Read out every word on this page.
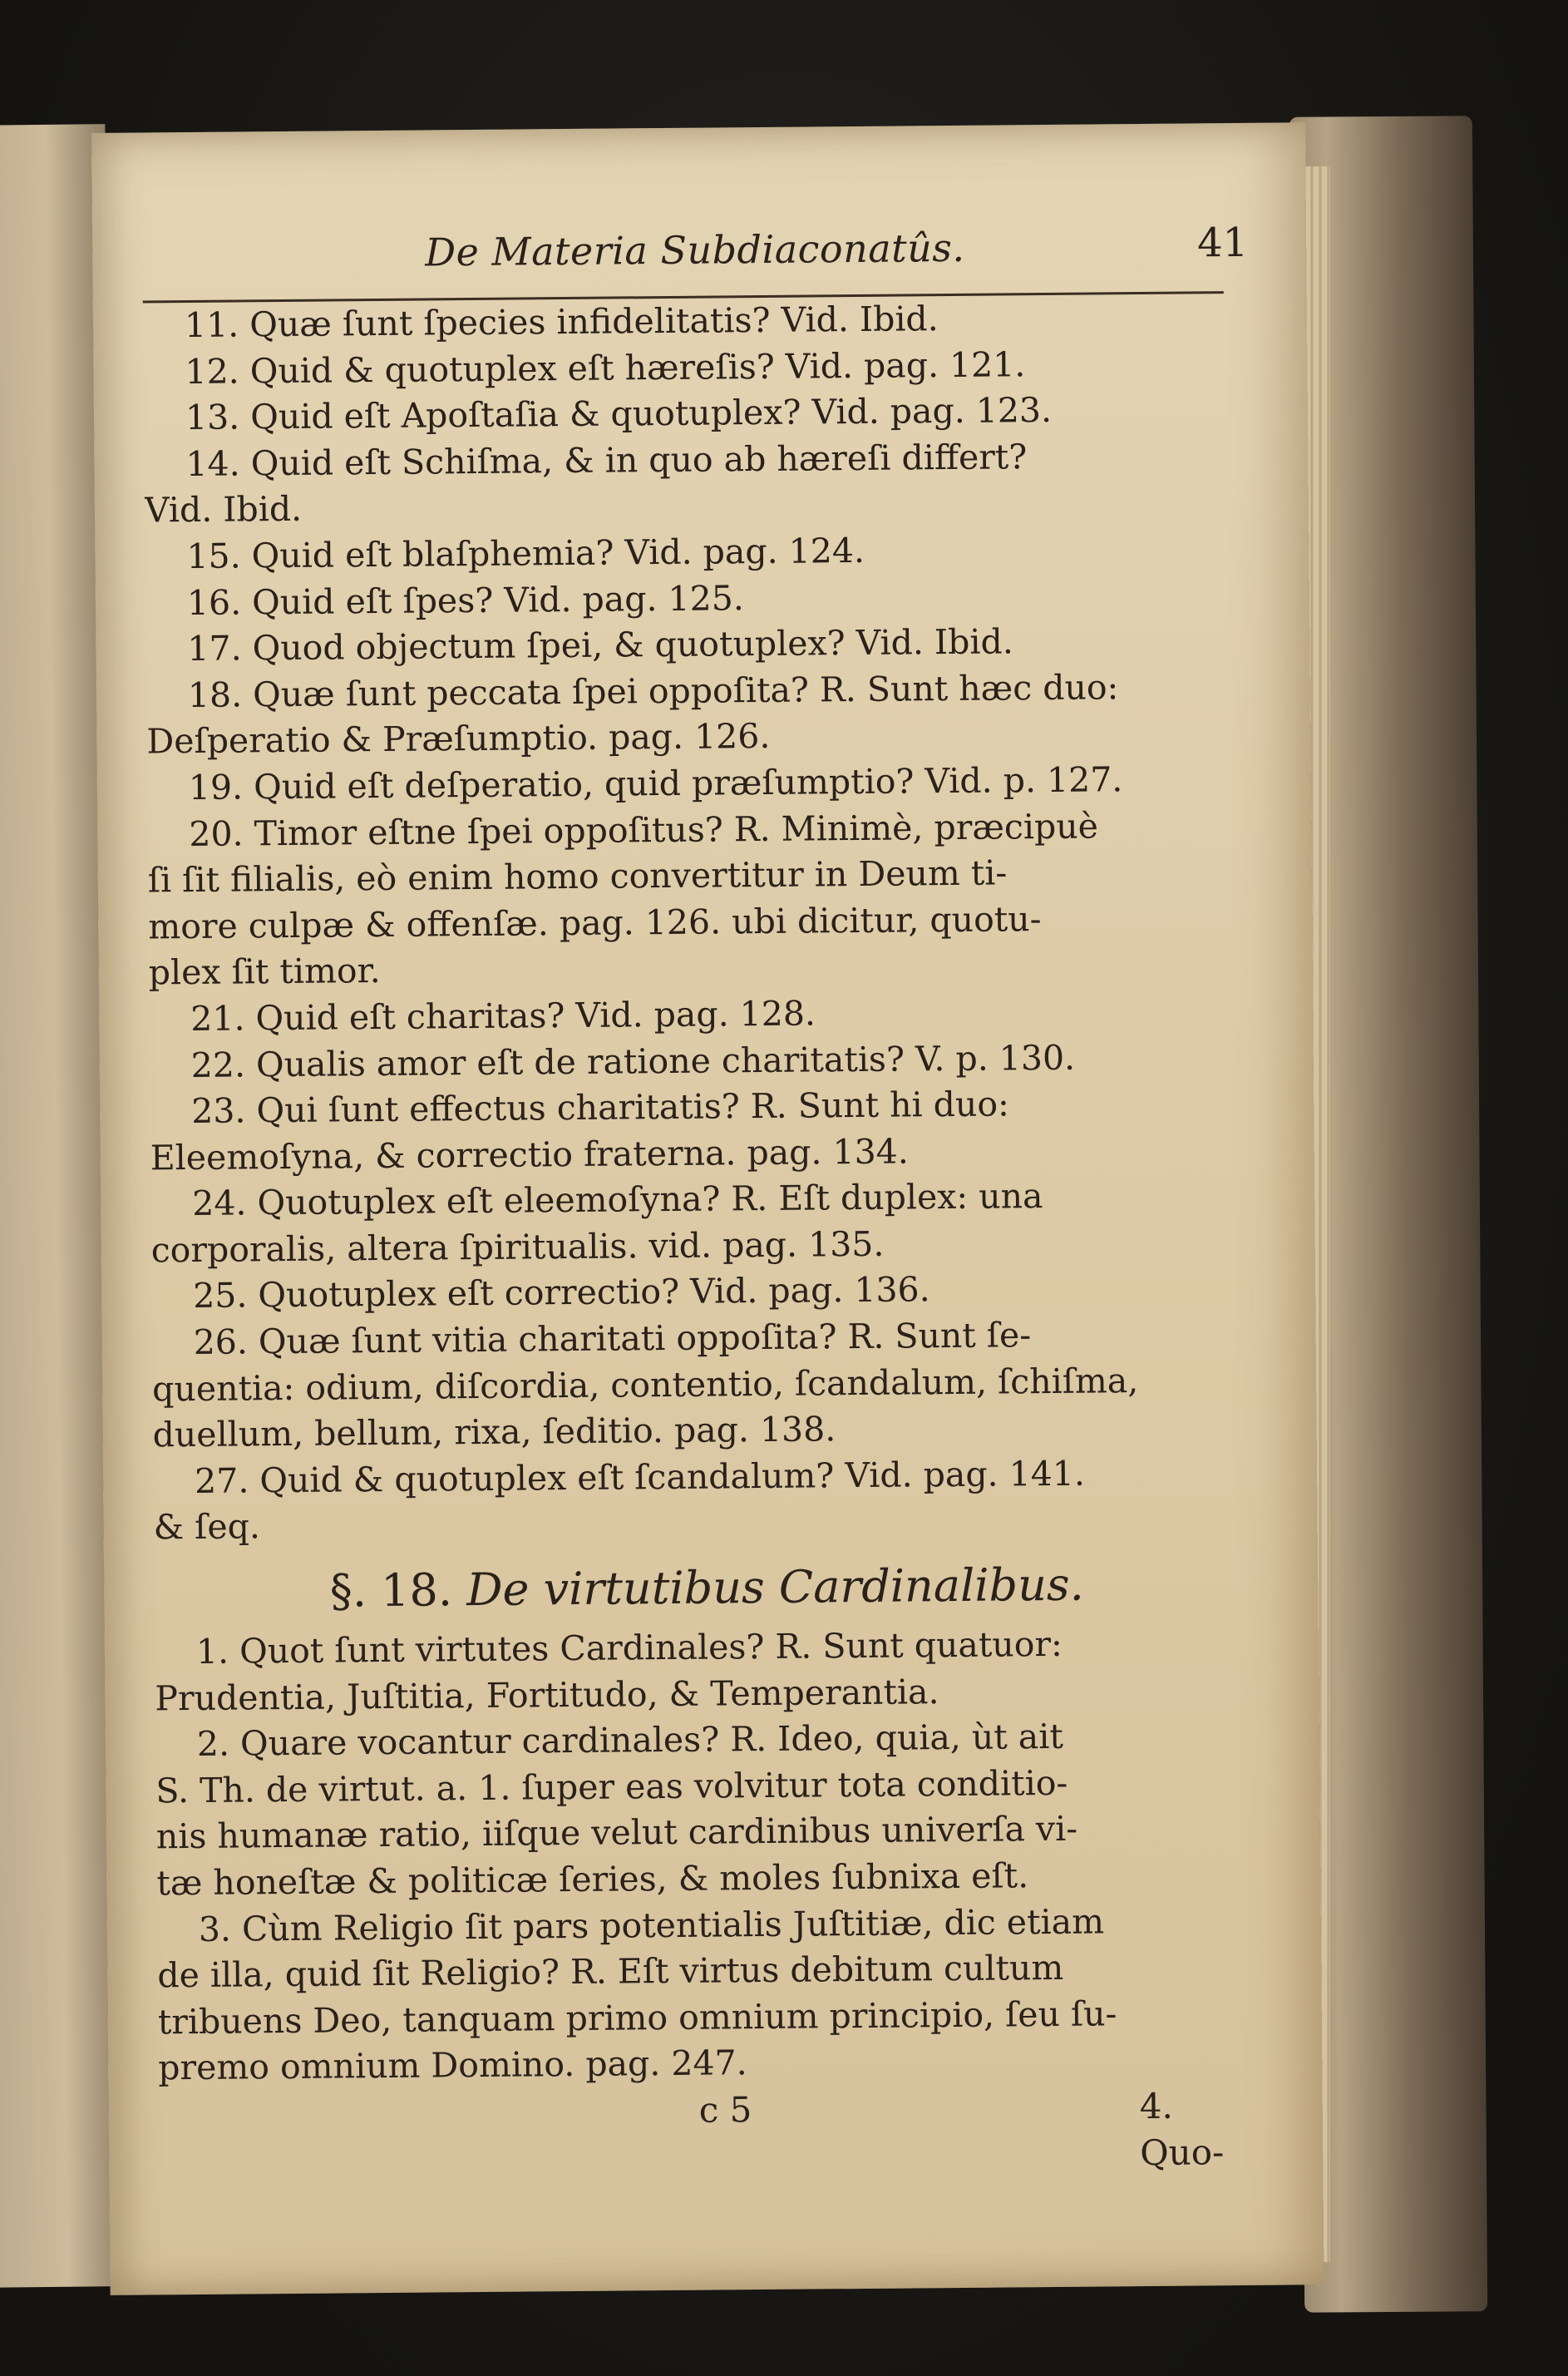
De Materia Subdiaconatûs.	41
11. Quæ ſunt ſpecies infidelitatis? Vid. Ibid.
12. Quid & quotuplex eſt hæreſis? Vid. pag. 121.
13. Quid eſt Apoſtaſia & quotuplex? Vid. pag. 123.
14. Quid eſt Schiſma, & in quo ab hæreſi differt?
Vid. Ibid.
15. Quid eſt blaſphemia? Vid. pag. 124.
16. Quid eſt ſpes? Vid. pag. 125.
17. Quod objectum ſpei, & quotuplex? Vid. Ibid.
18. Quæ ſunt peccata ſpei oppoſita? R. Sunt hæc duo:
Deſperatio & Præſumptio. pag. 126.
19. Quid eſt deſperatio, quid præſumptio? Vid. p. 127.
20. Timor eſtne ſpei oppoſitus? R. Minimè, præcipuè
ſi ſit filialis, eò enim homo convertitur in Deum ti-
more culpæ & offenſæ. pag. 126. ubi dicitur, quotu-
plex ſit timor.
21. Quid eſt charitas? Vid. pag. 128.
22. Qualis amor eſt de ratione charitatis? V. p. 130.
23. Qui ſunt effectus charitatis? R. Sunt hi duo:
Eleemoſyna, & correctio fraterna. pag. 134.
24. Quotuplex eſt eleemoſyna? R. Eſt duplex: una
corporalis, altera ſpiritualis. vid. pag. 135.
25. Quotuplex eſt correctio? Vid. pag. 136.
26. Quæ ſunt vitia charitati oppoſita? R. Sunt ſe-
quentia: odium, diſcordia, contentio, ſcandalum, ſchiſma,
duellum, bellum, rixa, ſeditio. pag. 138.
27. Quid & quotuplex eſt ſcandalum? Vid. pag. 141.
& ſeq.
§. 18. De virtutibus Cardinalibus.
1. Quot ſunt virtutes Cardinales? R. Sunt quatuor:
Prudentia, Juſtitia, Fortitudo, & Temperantia.
2. Quare vocantur cardinales? R. Ideo, quia, ùt ait
S. Th. de virtut. a. 1. ſuper eas volvitur tota conditio-
nis humanæ ratio, iiſque velut cardinibus univerſa vi-
tæ honeſtæ & politicæ ſeries, & moles ſubnixa eſt.
3. Cùm Religio ſit pars potentialis Juſtitiæ, dic etiam
de illa, quid ſit Religio? R. Eſt virtus debitum cultum
tribuens Deo, tanquam primo omnium principio, ſeu ſu-
premo omnium Domino. pag. 247.
c 5	4. Quo-
